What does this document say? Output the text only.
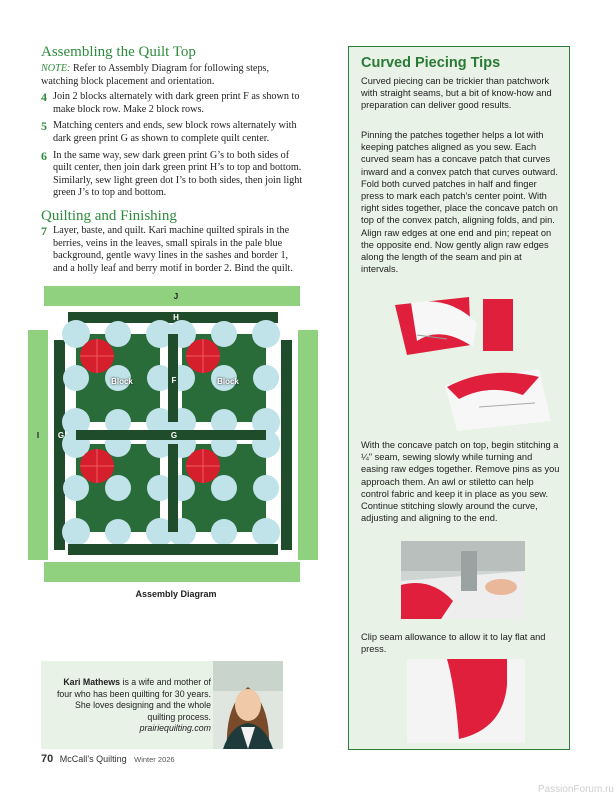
Assembling the Quilt Top
NOTE: Refer to Assembly Diagram for following steps, watching block placement and orientation.
4 Join 2 blocks alternately with dark green print F as shown to make block row. Make 2 block rows.
5 Matching centers and ends, sew block rows alternately with dark green print G as shown to complete quilt center.
6 In the same way, sew dark green print G’s to both sides of quilt center, then join dark green print H’s to top and bottom. Similarly, sew light green dot I’s to both sides, then join light green J’s to top and bottom.
Quilting and Finishing
7 Layer, baste, and quilt. Kari machine quilted spirals in the berries, veins in the leaves, small spirals in the pale blue background, gentle wavy lines in the sashes and border 1, and a holly leaf and berry motif in border 2. Bind the quilt.
J
H
F
G
G
I
Block	Block
Assembly Diagram
Kari Mathews is a wife and mother of four who has been quilting for 30 years. She loves designing and the whole quilting process.
prairiequilting.com
70 McCall’s Quilting Winter 2026
Curved Piecing Tips
Curved piecing can be trickier than patchwork with straight seams, but a bit of know-how and preparation can deliver good results.
Pinning the patches together helps a lot with keeping patches aligned as you sew. Each curved seam has a concave patch that curves inward and a convex patch that curves outward. Fold both curved patches in half and finger press to mark each patch’s center point. With right sides together, place the concave patch on top of the convex patch, aligning folds, and pin. Align raw edges at one end and pin; repeat on the opposite end. Now gently align raw edges along the length of the seam and pin at intervals.
With the concave patch on top, begin stitching a ¼" seam, sewing slowly while turning and easing raw edges together. Remove pins as you approach them. An awl or stiletto can help control fabric and keep it in place as you sew. Continue stitching slowly around the curve, adjusting and aligning to the end.
Clip seam allowance to allow it to lay flat and press.
PassionForum.ru
